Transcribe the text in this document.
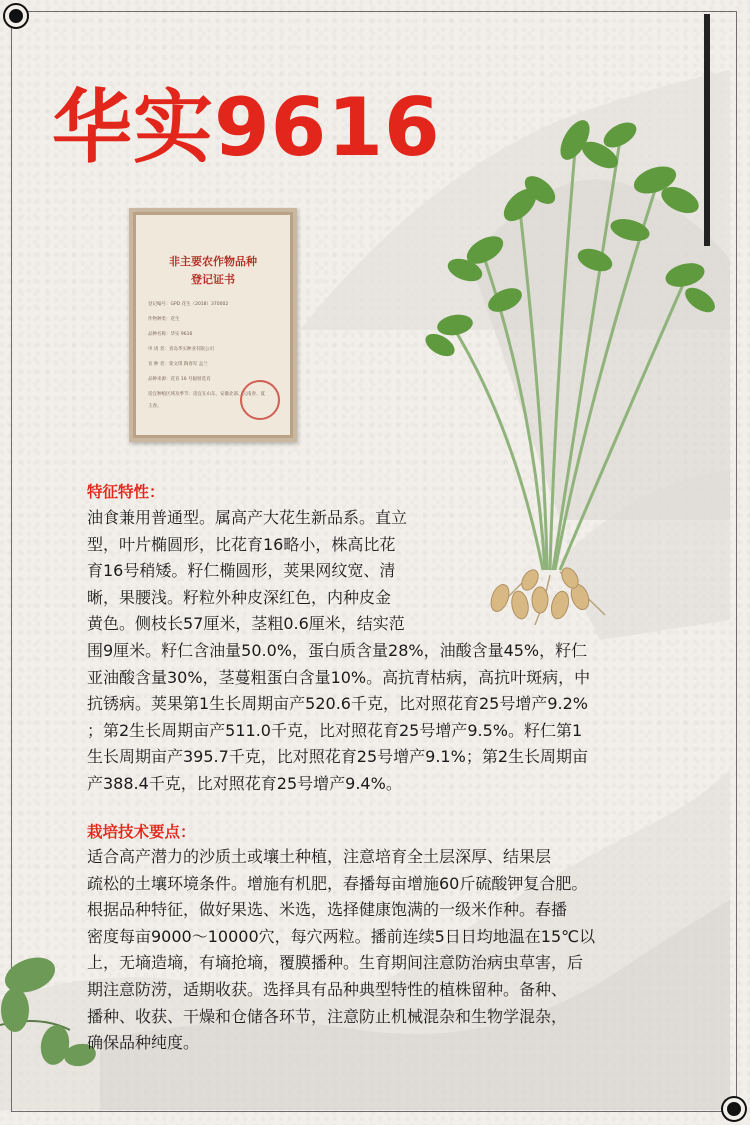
华实9616
非主要农作物品种
登记证书
登记编号：GPD 花生（2018）370002
作物种类：花生
品种名称：华实 9616
申 请 者：青岛华实种业有限公司
育 种 者：栾文琪 陶春军 孟兰
品种来源：花育 16 号辐射选育
适宜种植区域及季节：适宜在山东、安徽北部、云南春、夏
王春。
特征特性：
油食兼用普通型。属高产大花生新品系。直立
型，叶片椭圆形，比花育16略小，株高比花
育16号稍矮。籽仁椭圆形，荚果网纹宽、清
晰，果腰浅。籽粒外种皮深红色，内种皮金
黄色。侧枝长57厘米，茎粗0.6厘米，结实范
围9厘米。籽仁含油量50.0%，蛋白质含量28%，油酸含量45%，籽仁
亚油酸含量30%，茎蔓粗蛋白含量10%。高抗青枯病，高抗叶斑病，中
抗锈病。荚果第1生长周期亩产520.6千克，比对照花育25号增产9.2%
；第2生长周期亩产511.0千克，比对照花育25号增产9.5%。籽仁第1
生长周期亩产395.7千克，比对照花育25号增产9.1%；第2生长周期亩
产388.4千克，比对照花育25号增产9.4%。
栽培技术要点：
适合高产潜力的沙质土或壤土种植，注意培育全土层深厚、结果层
疏松的土壤环境条件。增施有机肥，春播每亩增施60斤硫酸钾复合肥。
根据品种特征，做好果选、米选，选择健康饱满的一级米作种。春播
密度每亩9000～10000穴，每穴两粒。播前连续5日日均地温在15℃以
上，无墒造墒，有墒抢墒，覆膜播种。生育期间注意防治病虫草害，后
期注意防涝，适期收获。选择具有品种典型特性的植株留种。备种、
播种、收获、干燥和仓储各环节，注意防止机械混杂和生物学混杂，
确保品种纯度。
